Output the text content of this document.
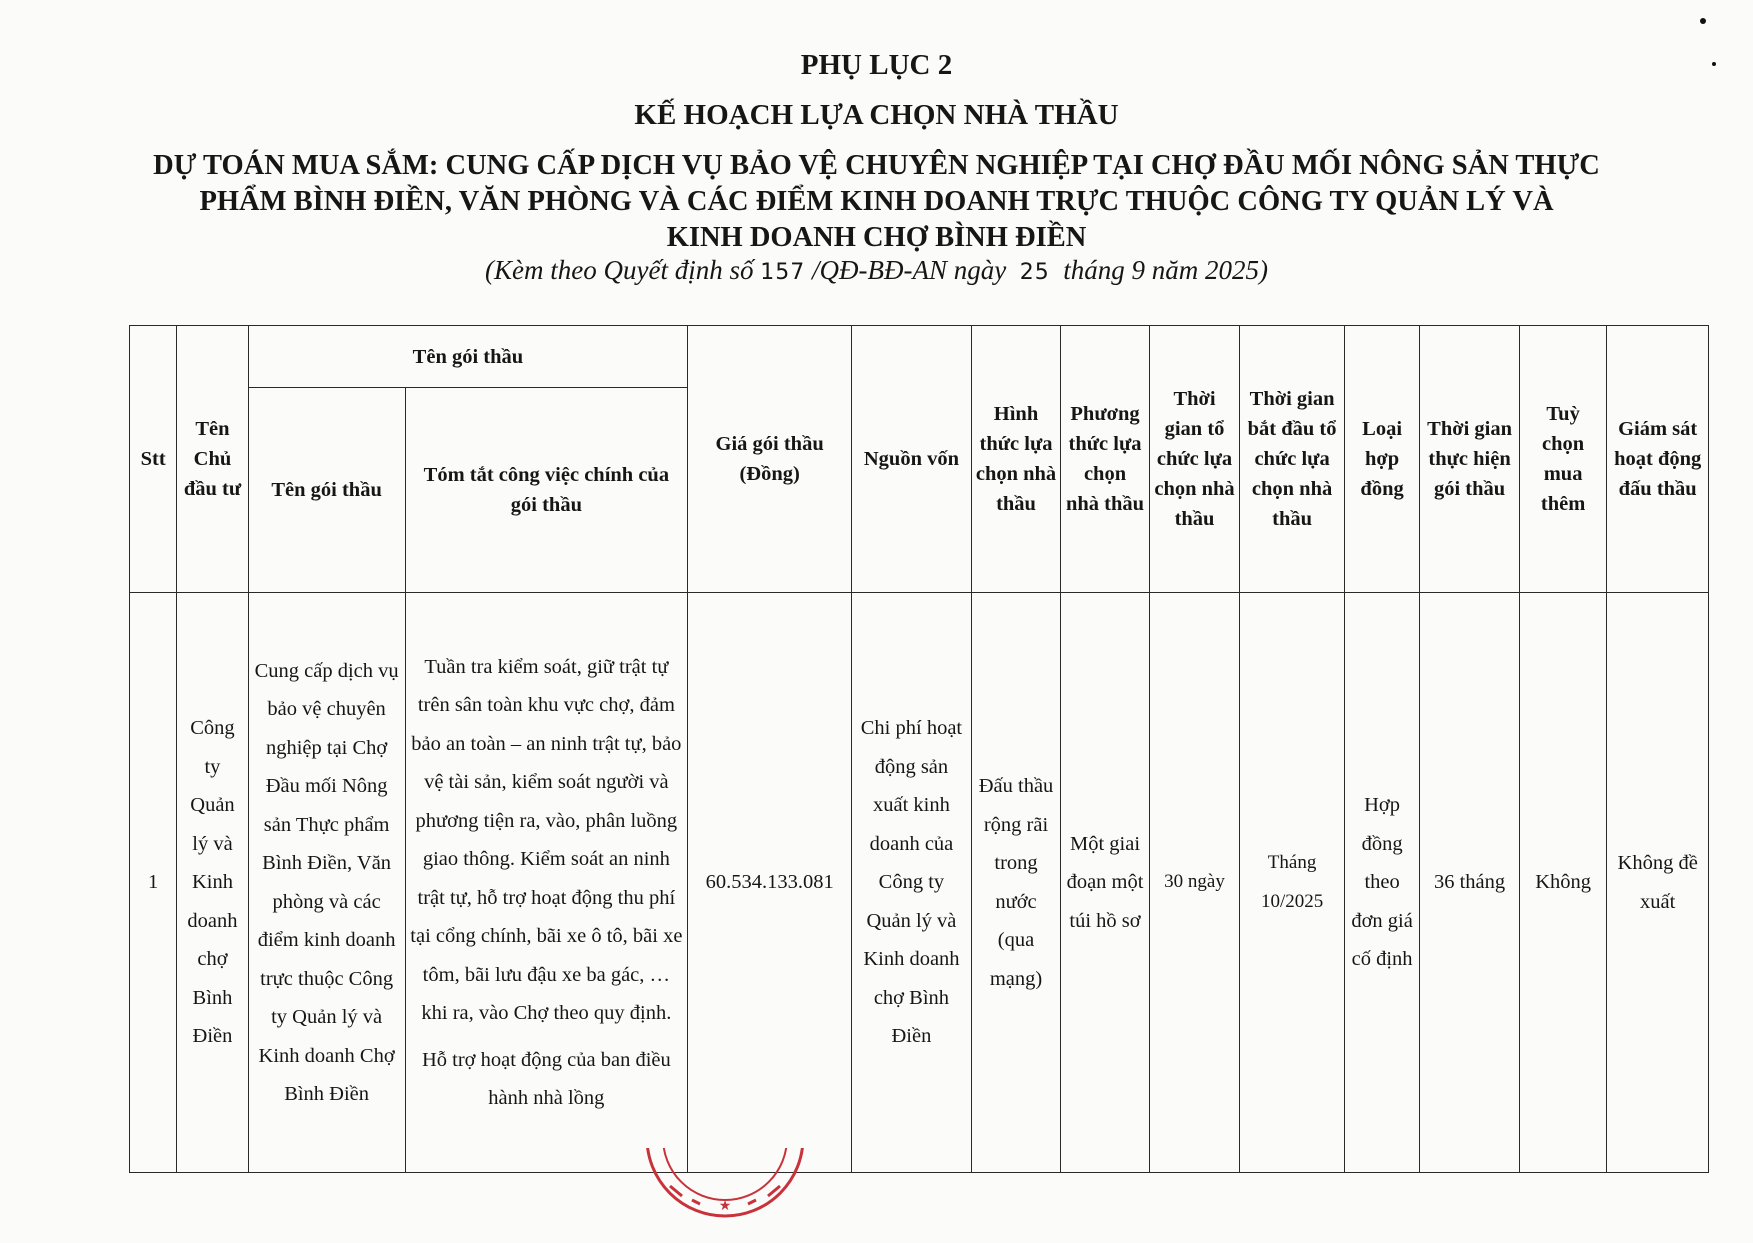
PHỤ LỤC 2
KẾ HOẠCH LỰA CHỌN NHÀ THẦU
DỰ TOÁN MUA SẮM: CUNG CẤP DỊCH VỤ BẢO VỆ CHUYÊN NGHIỆP TẠI CHỢ ĐẦU MỐI NÔNG SẢN THỰC
PHẨM BÌNH ĐIỀN, VĂN PHÒNG VÀ CÁC ĐIỂM KINH DOANH TRỰC THUỘC CÔNG TY QUẢN LÝ VÀ
KINH DOANH CHỢ BÌNH ĐIỀN
(Kèm theo Quyết định số 157 /QĐ-BĐ-AN ngày 25 tháng 9 năm 2025)
Stt	Tên Chủ đầu tư	Tên gói thầu		Giá gói thầu (Đồng)	Nguồn vốn	Hình thức lựa chọn nhà thầu	Phương thức lựa chọn nhà thầu	Thời gian tổ chức lựa chọn nhà thầu	Thời gian bắt đầu tổ chức lựa chọn nhà thầu	Loại hợp đồng	Thời gian thực hiện gói thầu	Tuỳ chọn mua thêm	Giám sát hoạt động đấu thầu
		Tên gói thầu	Tóm tắt công việc chính của gói thầu										
1	Công ty Quản lý và Kinh doanh chợ Bình Điền	Cung cấp dịch vụ bảo vệ chuyên nghiệp tại Chợ Đầu mối Nông sản Thực phẩm Bình Điền, Văn phòng và các điểm kinh doanh trực thuộc Công ty Quản lý và Kinh doanh Chợ Bình Điền	Tuần tra kiểm soát, giữ trật tự trên sân toàn khu vực chợ, đảm bảo an toàn – an ninh trật tự, bảo vệ tài sản, kiểm soát người và phương tiện ra, vào, phân luồng giao thông. Kiểm soát an ninh trật tự, hỗ trợ hoạt động thu phí tại cổng chính, bãi xe ô tô, bãi xe tôm, bãi lưu đậu xe ba gác, … khi ra, vào Chợ theo quy định.
Hỗ trợ hoạt động của ban điều hành nhà lồng	60.534.133.081	Chi phí hoạt động sản xuất kinh doanh của Công ty Quản lý và Kinh doanh chợ Bình Điền	Đấu thầu rộng rãi trong nước (qua mạng)	Một giai đoạn một túi hồ sơ	30 ngày	Tháng 10/2025	Hợp đồng theo đơn giá cố định	36 tháng	Không	Không đề xuất
★
